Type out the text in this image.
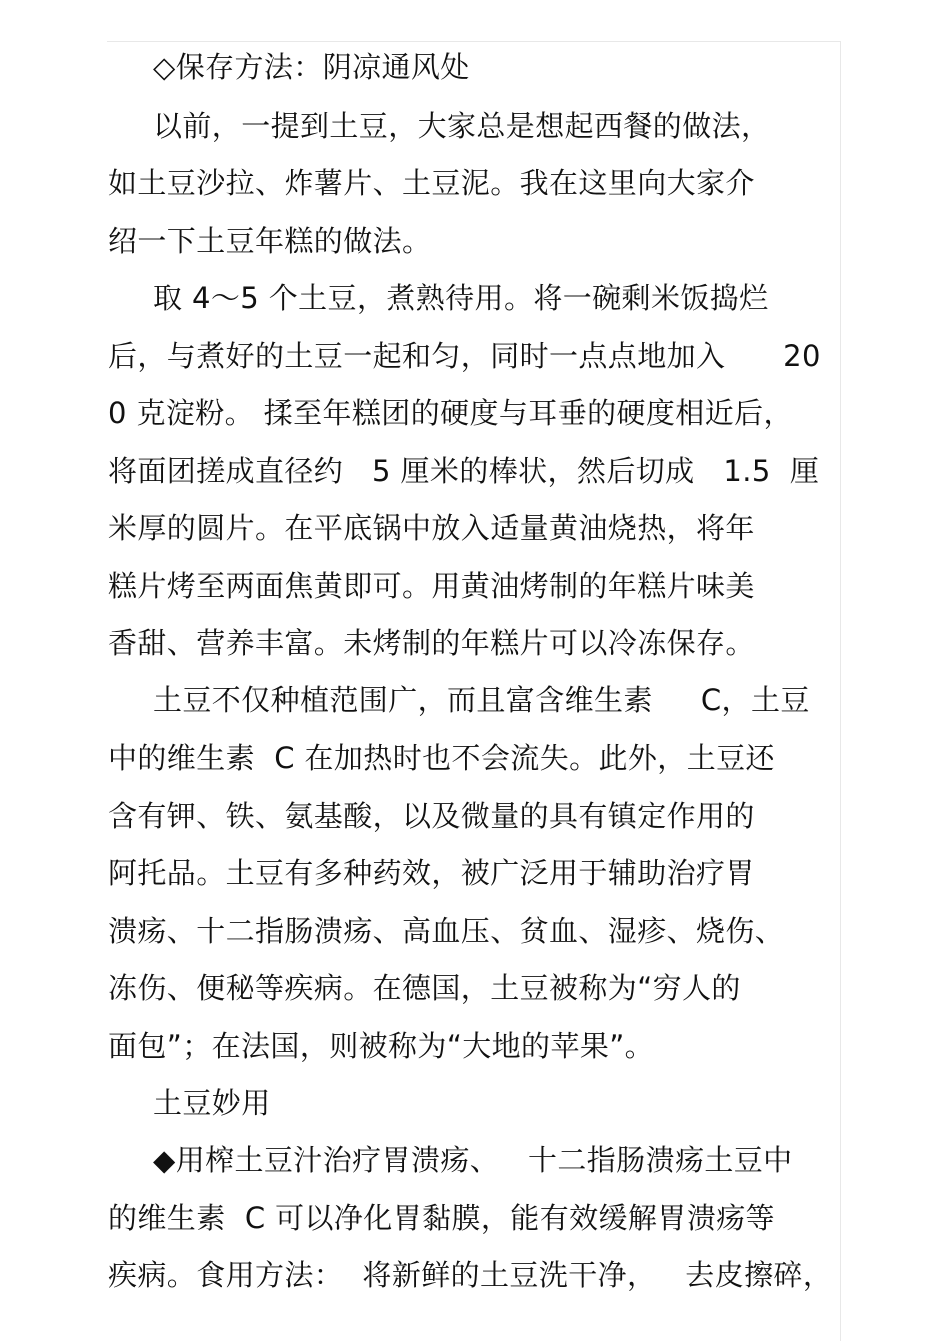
◇保存方法：阴凉通风处
以前，一提到土豆，大家总是想起西餐的做法，
如土豆沙拉、炸薯片、土豆泥。我在这里向大家介
绍一下土豆年糕的做法。
取 4～5 个土豆，煮熟待用。将一碗剩米饭捣烂
后，与煮好的土豆一起和匀，同时一点点地加入      20
0 克淀粉。 揉至年糕团的硬度与耳垂的硬度相近后，
将面团搓成直径约   5 厘米的棒状，然后切成   1.5  厘
米厚的圆片。在平底锅中放入适量黄油烧热，将年
糕片烤至两面焦黄即可。用黄油烤制的年糕片味美
香甜、营养丰富。未烤制的年糕片可以冷冻保存。
土豆不仅种植范围广，而且富含维生素     C，土豆
中的维生素  C 在加热时也不会流失。此外，土豆还
含有钾、铁、氨基酸，以及微量的具有镇定作用的
阿托品。土豆有多种药效，被广泛用于辅助治疗胃
溃疡、十二指肠溃疡、高血压、贫血、湿疹、烧伤、
冻伤、便秘等疾病。在德国，土豆被称为“穷人的
面包”；在法国，则被称为“大地的苹果”。
土豆妙用
◆用榨土豆汁治疗胃溃疡、   十二指肠溃疡土豆中
的维生素  C 可以净化胃黏膜，能有效缓解胃溃疡等
疾病。食用方法：  将新鲜的土豆洗干净，   去皮擦碎，
